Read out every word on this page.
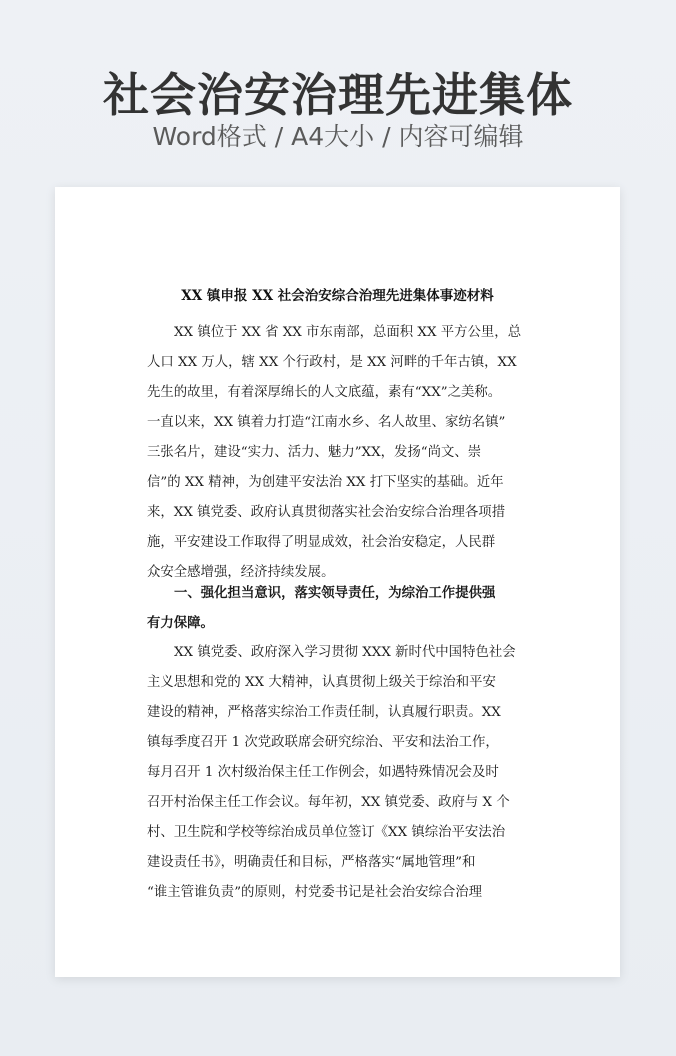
社会治安治理先进集体
Word格式 / A4大小 / 内容可编辑
XX 镇申报 XX 社会治安综合治理先进集体事迹材料
XX 镇位于 XX 省 XX 市东南部，总面积 XX 平方公里，总
人口 XX 万人，辖 XX 个行政村，是 XX 河畔的千年古镇，XX
先生的故里，有着深厚绵长的人文底蕴，素有“XX”之美称。
一直以来，XX 镇着力打造“江南水乡、名人故里、家纺名镇”
三张名片，建设“实力、活力、魅力”XX，发扬“尚文、崇
信”的 XX 精神，为创建平安法治 XX 打下坚实的基础。近年
来，XX 镇党委、政府认真贯彻落实社会治安综合治理各项措
施，平安建设工作取得了明显成效，社会治安稳定，人民群
众安全感增强，经济持续发展。
一、强化担当意识，落实领导责任，为综治工作提供强
有力保障。
XX 镇党委、政府深入学习贯彻 XXX 新时代中国特色社会
主义思想和党的 XX 大精神，认真贯彻上级关于综治和平安
建设的精神，严格落实综治工作责任制，认真履行职责。XX
镇每季度召开 1 次党政联席会研究综治、平安和法治工作，
每月召开 1 次村级治保主任工作例会，如遇特殊情况会及时
召开村治保主任工作会议。每年初，XX 镇党委、政府与 X 个
村、卫生院和学校等综治成员单位签订《XX 镇综治平安法治
建设责任书》，明确责任和目标，严格落实“属地管理”和
“谁主管谁负责”的原则，村党委书记是社会治安综合治理
